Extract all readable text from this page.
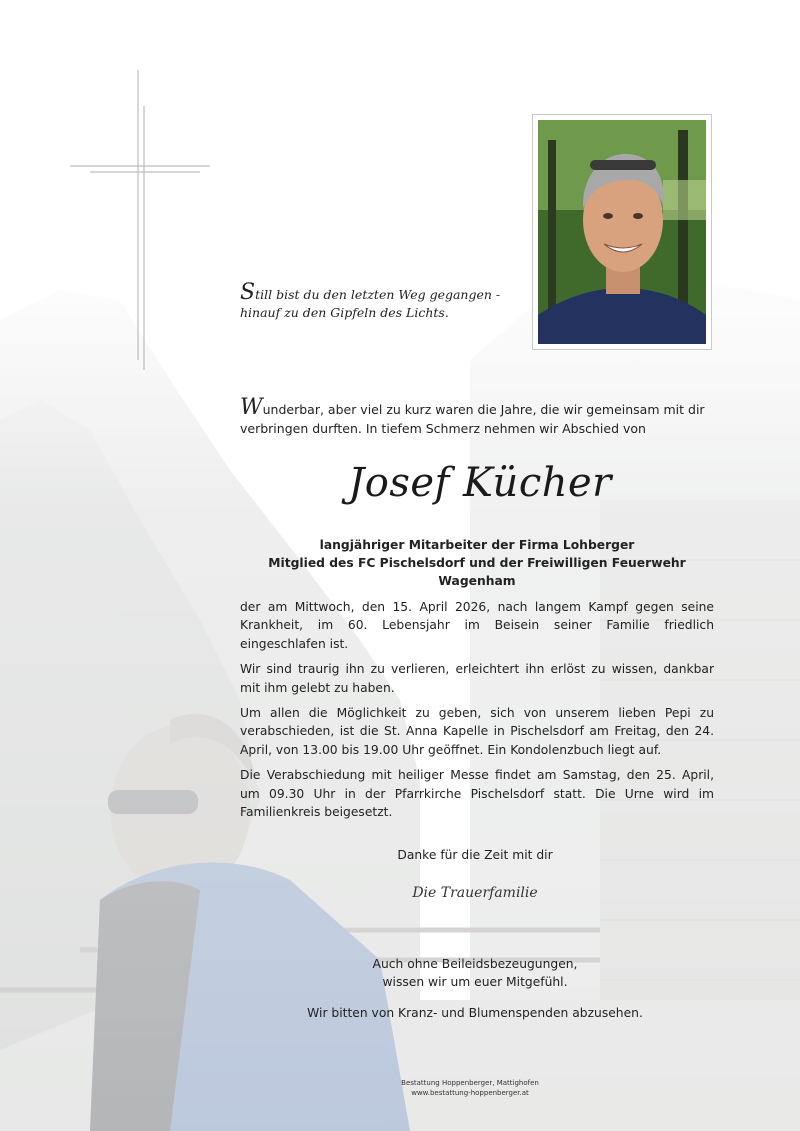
Still bist du den letzten Weg gegangen -
hinauf zu den Gipfeln des Lichts.
Wunderbar, aber viel zu kurz waren die Jahre, die wir gemeinsam mit dir
verbringen durften. In tiefem Schmerz nehmen wir Abschied von
Josef Kücher
langjähriger Mitarbeiter der Firma Lohberger
Mitglied des FC Pischelsdorf und der Freiwilligen Feuerwehr Wagenham

der am Mittwoch, den 15. April 2026, nach langem Kampf gegen seine Krankheit, im 60. Lebensjahr im Beisein seiner Familie friedlich eingeschlafen ist.

Wir sind traurig ihn zu verlieren, erleichtert ihn erlöst zu wissen, dankbar mit ihm gelebt zu haben.

Um allen die Möglichkeit zu geben, sich von unserem lieben Pepi zu verabschieden, ist die St. Anna Kapelle in Pischelsdorf am Freitag, den 24. April, von 13.00 bis 19.00 Uhr geöffnet. Ein Kondolenzbuch liegt auf.

Die Verabschiedung mit heiliger Messe findet am Samstag, den 25. April, um 09.30 Uhr in der Pfarrkirche Pischelsdorf statt. Die Urne wird im Familienkreis beigesetzt.

Danke für die Zeit mit dir
Die Trauerfamilie
Auch ohne Beileidsbezeugungen,
wissen wir um euer Mitgefühl.
Wir bitten von Kranz- und Blumenspenden abzusehen.
Bestattung Hoppenberger, Mattighofen
www.bestattung-hoppenberger.at
